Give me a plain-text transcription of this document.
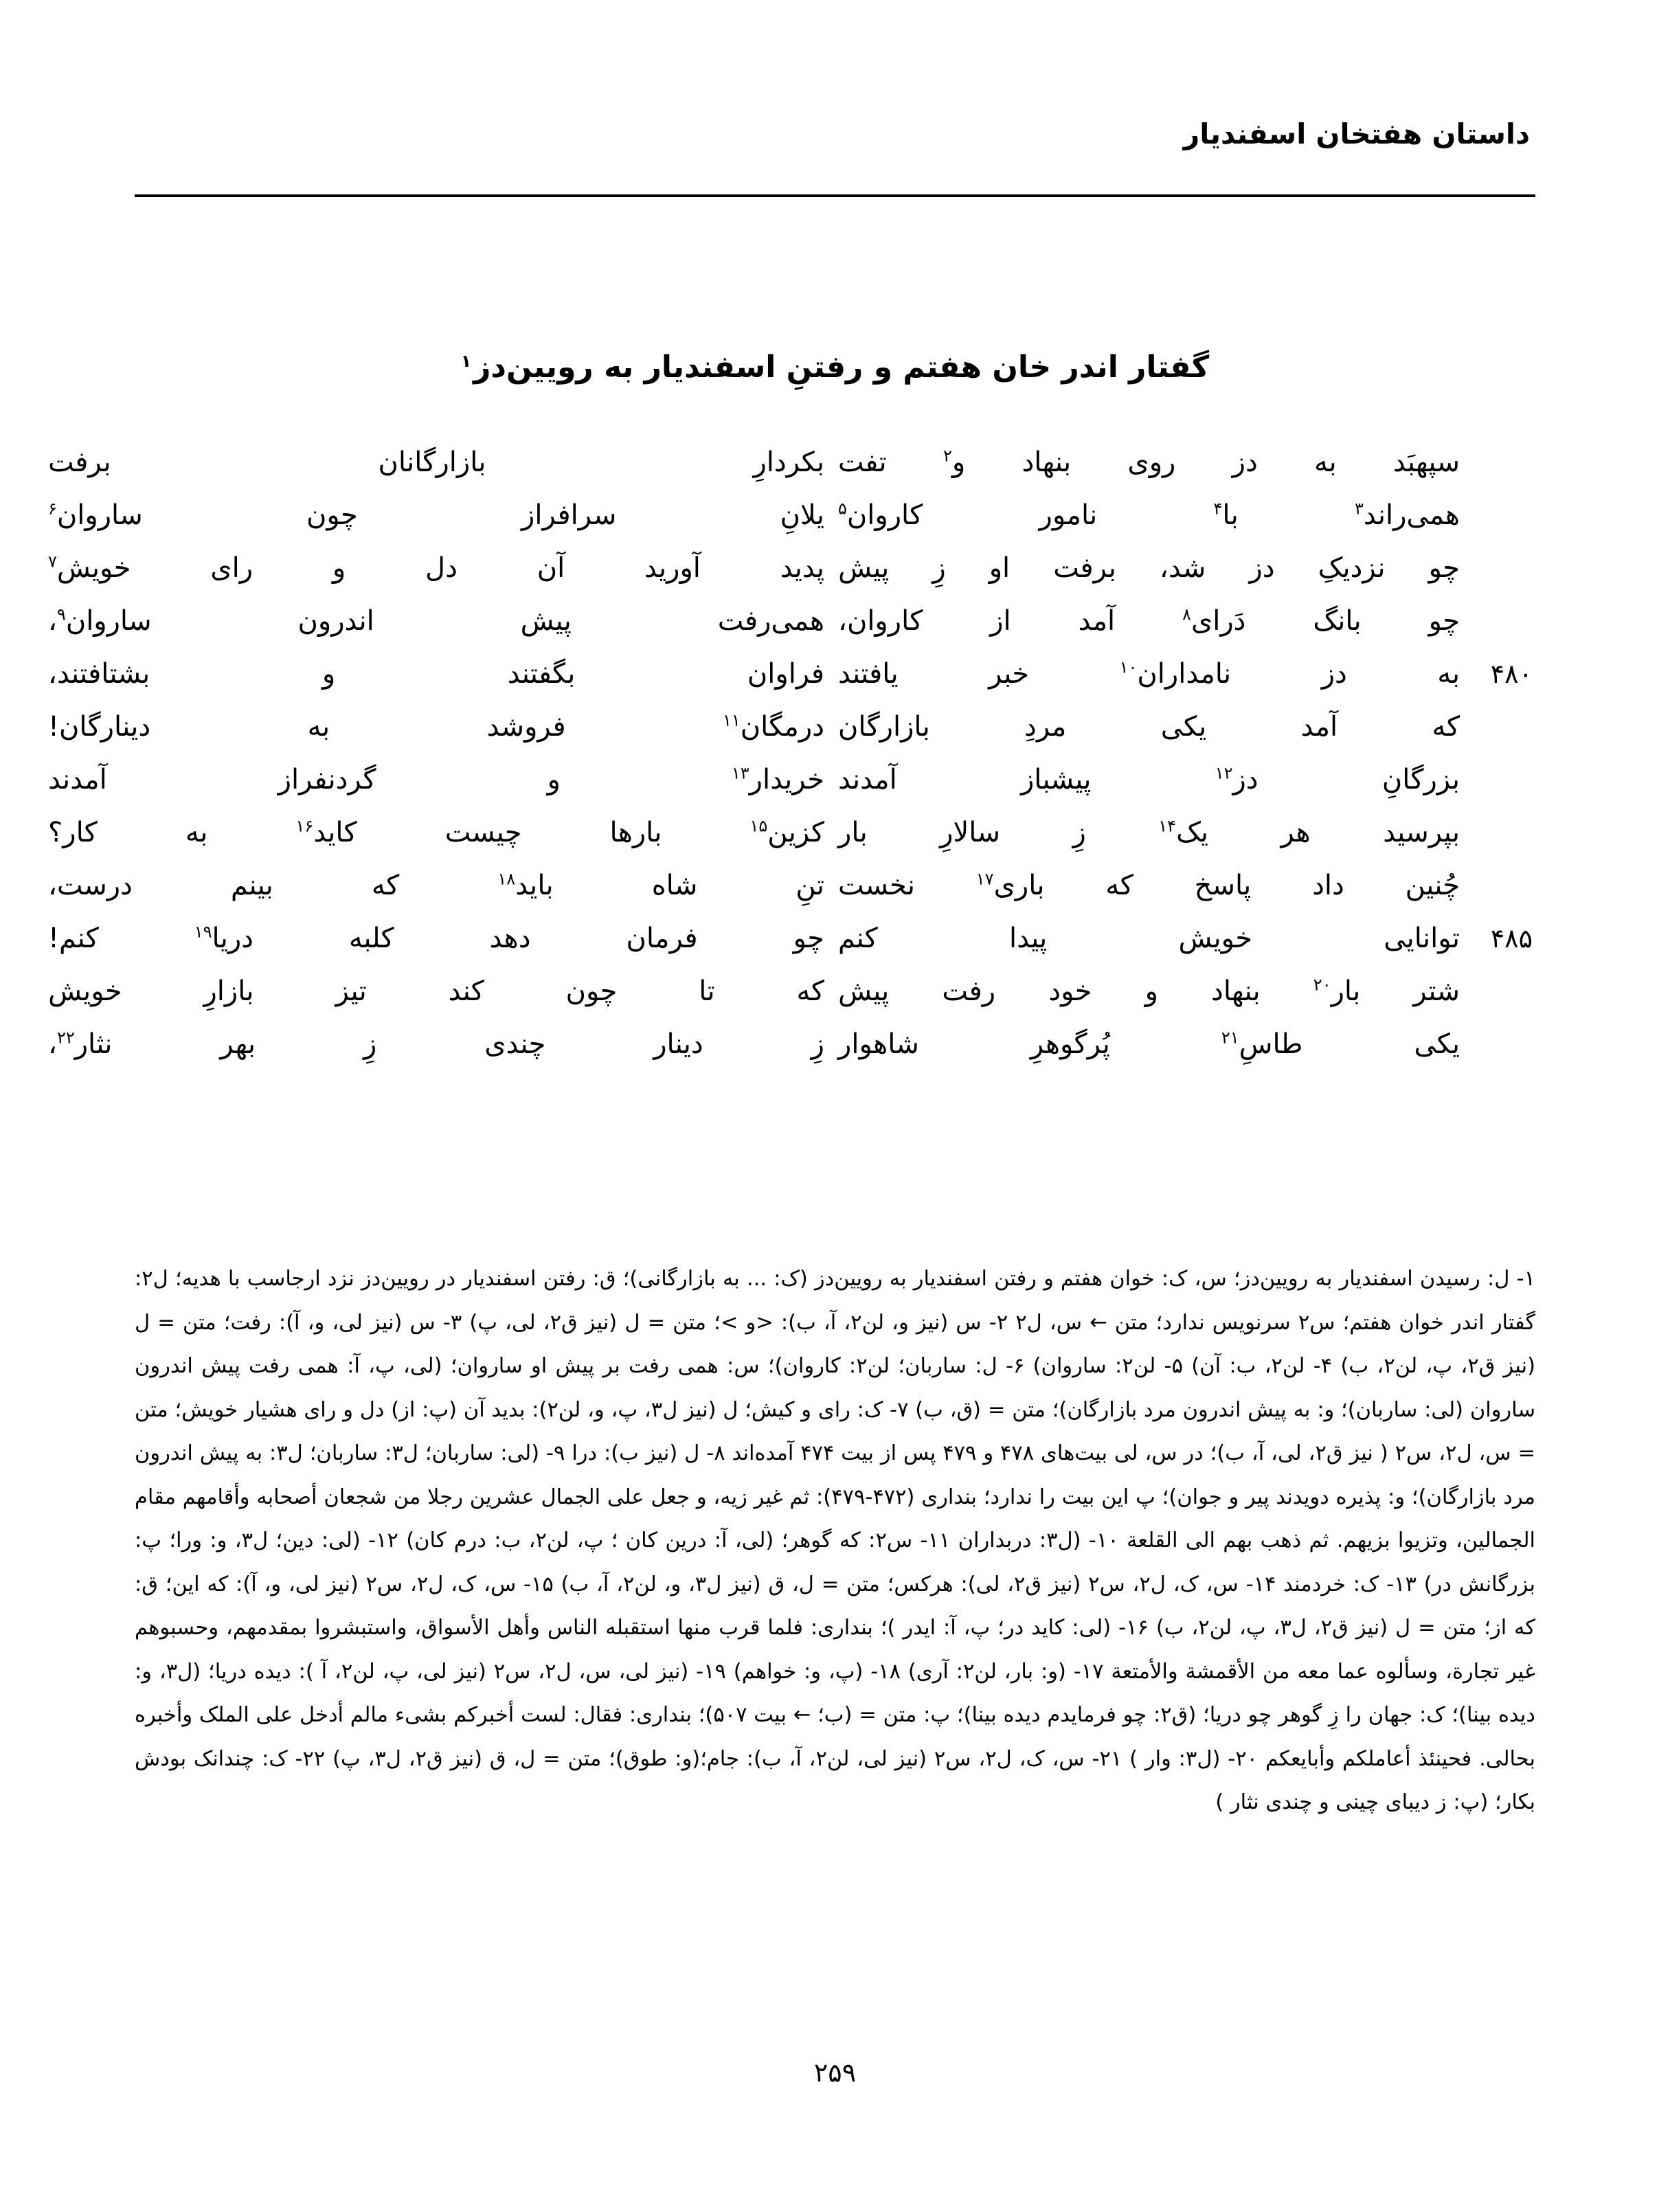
داستان هفتخان اسفندیار
گفتار اندر خان هفتم و رفتنِ اسفندیار به رویین‌دز$^۱$
سپهبَد
به
دز
روی
بنهاد
و$^۲$
تفت
بکردارِ
بازارگانان
برفت
همی‌راند$^۳$
با$^۴$
نامور
کاروان$^۵$
یلانِ
سرافراز
چون
ساروان$^۶$
چو
نزدیکِ
دز
شد،
برفت
او
زِ
پیش
پدید
آورید
آن
دل
و
رای
خویش$^۷$
چو
بانگ
دَرای$^۸$
آمد
از
کاروان،
همی‌رفت
پیش
اندرون
ساروان$^۹$،
۴۸۰
به
دز
نامداران$^{۱۰}$
خبر
یافتند
فراوان
بگفتند
و
بشتافتند،
که
آمد
یکی
مردِ
بازارگان
درمگان$^{۱۱}$
فروشد
به
دینارگان!
بزرگانِ
دز$^{۱۲}$
پیشباز
آمدند
خریدار$^{۱۳}$
و
گردنفراز
آمدند
بپرسید
هر
یک$^{۱۴}$
زِ
سالارِ
بار
کزین$^{۱۵}$
بارها
چیست
کاید$^{۱۶}$
به
کار؟
چُنین
داد
پاسخ
که
باری$^{۱۷}$
نخست
تنِ
شاه
باید$^{۱۸}$
که
بینم
درست،
۴۸۵
توانایی
خویش
پیدا
کنم
چو
فرمان
دهد
کلبه
دریا$^{۱۹}$
کنم!
شتر
بار$^{۲۰}$
بنهاد
و
خود
رفت
پیش
که
تا
چون
کند
تیز
بازارِ
خویش
یکی
طاسِ$^{۲۱}$
پُرگوهرِ
شاهوار
زِ
دینار
چندی
زِ
بهر
نثار$^{۲۲}$،

۱- ل: رسیدن اسفندیار به رویین‌دز؛ س، ک: خوان هفتم و رفتن اسفندیار به رویین‌دز (ک: ... به بازارگانی)؛ ق: رفتن اسفندیار در رویین‌دز نزد ارجاسب با هدیه؛ ل۲: گفتار اندر خوان هفتم؛ س۲ سرنویس ندارد؛ متن ← س، ل۲ ۲- س (نیز و، لن۲، آ، ب): <و >؛ متن = ل (نیز ق۲، لی، پ) ۳- س (نیز لی، و، آ): رفت؛ متن = ل (نیز ق۲، پ، لن۲، ب) ۴- لن۲، ب: آن) ۵- لن۲: ساروان) ۶- ل: ساربان؛ لن۲: کاروان)؛ س: همی رفت بر پیش او ساروان؛ (لی، پ، آ: همی رفت پیش اندرون ساروان (لی: ساربان)؛ و: به پیش اندرون مرد بازارگان)؛ متن = (ق، ب) ۷- ک: رای و کیش؛ ل (نیز ل۳، پ، و، لن۲): بدید آن (پ: از) دل و رای هشیار خویش؛ متن = س، ل۲، س۲ ( نیز ق۲، لی، آ، ب)؛ در س، لی بیت‌های ۴۷۸ و ۴۷۹ پس از بیت ۴۷۴ آمده‌اند ۸- ل (نیز ب): درا ۹- (لی: ساربان؛ ل۳: ساربان؛ ل۳: به پیش اندرون مرد بازارگان)؛ و: پذیره دویدند پیر و جوان)؛ پ این بیت را ندارد؛ بنداری (۴۷۲-۴۷۹): ثم غیر زیه، و جعل علی الجمال عشرین رجلا من شجعان أصحابه وأقامهم مقام الجمالین، وتزیوا بزیهم. ثم ذهب بهم الی القلعة ۱۰- (ل۳: دربداران ۱۱- س۲: که گوهر؛ (لی، آ: درین کان ؛ پ، لن۲، ب: درم کان) ۱۲- (لی: دین؛ ل۳، و: ورا؛ پ: بزرگانش در) ۱۳- ک: خردمند ۱۴- س، ک، ل۲، س۲ (نیز ق۲، لی): هرکس؛ متن = ل، ق (نیز ل۳، و، لن۲، آ، ب) ۱۵- س، ک، ل۲، س۲ (نیز لی، و، آ): که این؛ ق: که از؛ متن = ل (نیز ق۲، ل۳، پ، لن۲، ب) ۱۶- (لی: کاید در؛ پ، آ: ایدر )؛ بنداری: فلما قرب منها استقبله الناس وأهل الأسواق، واستبشروا بمقدمهم، وحسبوهم غیر تجارة، وسألوه عما معه من الأقمشة والأمتعة ۱۷- (و: بار، لن۲: آری) ۱۸- (پ، و: خواهم) ۱۹- (نیز لی، س، ل۲، س۲ (نیز لی، پ، لن۲، آ ): دیده دریا؛ (ل۳، و: دیده بینا)؛ ک: جهان را زِ گوهر چو دریا؛ (ق۲: چو فرمایدم دیده بینا)؛ پ: متن = (ب؛ ← بیت ۵۰۷)؛ بنداری: فقال: لست أخبرکم بشیء مالم أدخل علی الملک وأخبره بحالی. فحینئذ أعاملکم وأبایعکم ۲۰- (ل۳: وار ) ۲۱- س، ک، ل۲، س۲ (نیز لی، لن۲، آ، ب): جام؛(و: طوق)؛ متن = ل، ق (نیز ق۲، ل۳، پ) ۲۲- ک: چندانک بودش بکار؛ (پ: ز دیبای چینی و چندی نثار )

۲۵۹
